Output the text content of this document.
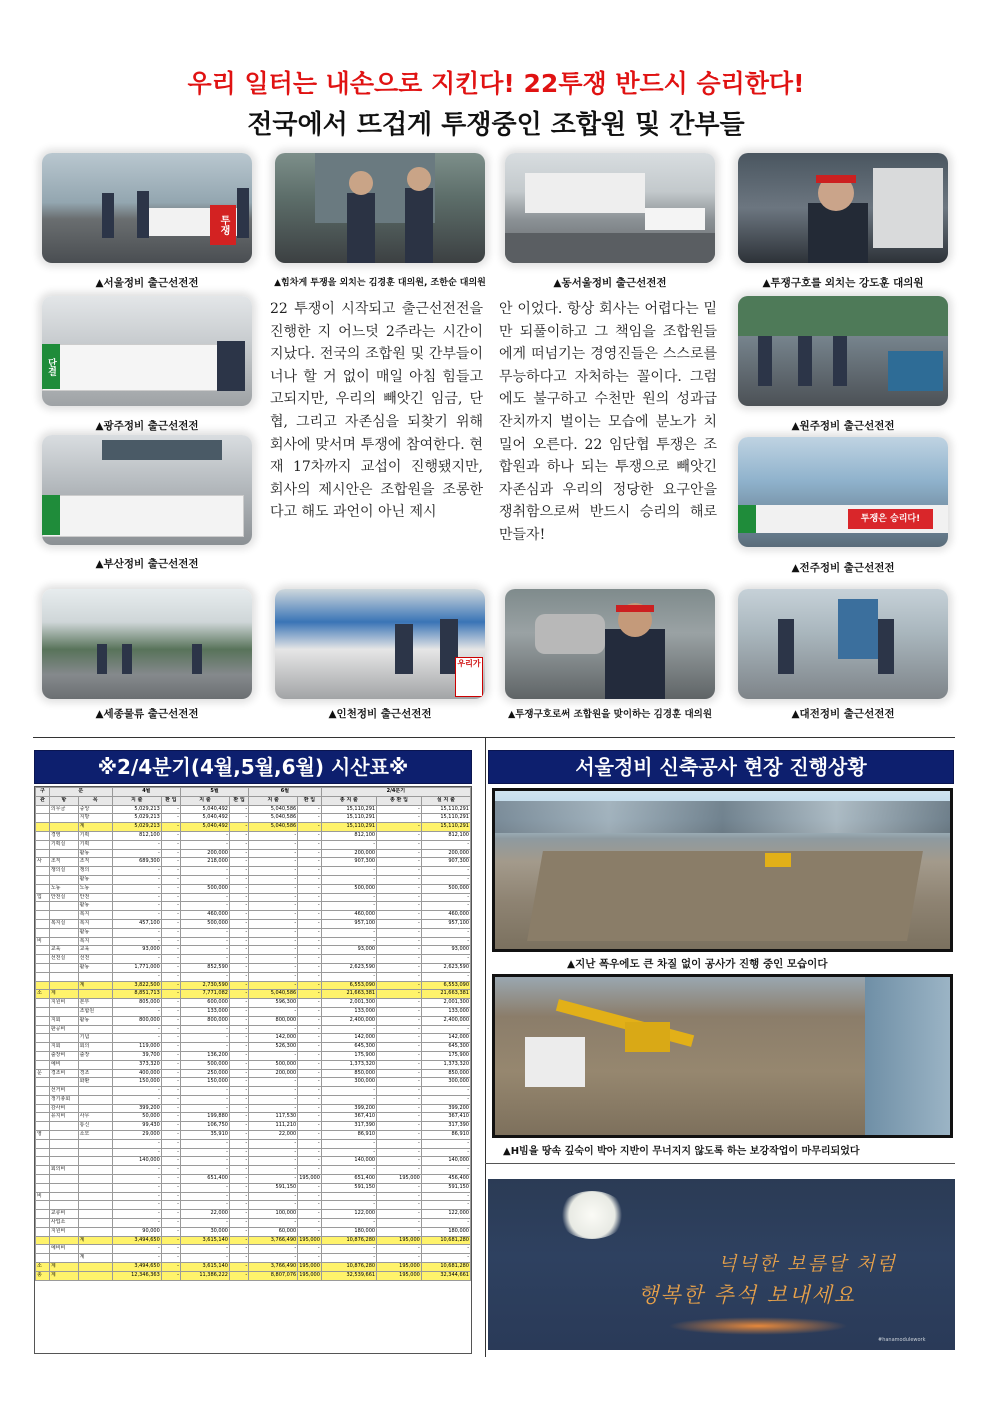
우리 일터는 내손으로 지킨다! 22투쟁 반드시 승리한다!
전국에서 뜨겁게 투쟁중인 조합원 및 간부들
투쟁
▲서울정비 출근선전전	▲힘차게 투쟁을 외치는 김경훈 대의원, 조한순 대의원	▲동서울정비 출근선전전	▲투쟁구호를 외치는 강도훈 대의원
단결
▲광주정비 출근선전전
▲부산정비 출근선전전
▲원주정비 출근선전전
투쟁은 승리다!
▲전주정비 출근선전전
▲세종물류 출근선전전
우리가
▲인천정비 출근선전전	▲투쟁구호로써 조합원을 맞이하는 김경훈 대의원	▲대전정비 출근선전전
22 투쟁이 시작되고 출근선전전을 진행한 지 어느덧 2주라는 시간이 지났다. 전국의 조합원 및 간부들이 너나 할 거 없이 매일 아침 힘들고 고되지만, 우리의 빼앗긴 임금, 단협, 그리고 자존심을 되찾기 위해 회사에 맞서며 투쟁에 참여한다. 현재 17차까지 교섭이 진행됐지만, 회사의 제시안은 조합원을 조롱한다고 해도 과언이 아닌 제시
안 이었다. 항상 회사는 어렵다는 밑만 되풀이하고 그 책임을 조합원들에게 떠넘기는 경영진들은 스스로를 무능하다고 자처하는 꼴이다. 그럼에도 불구하고 수천만 원의 성과급 잔치까지 벌이는 모습에 분노가 치밀어 오른다. 22 임단협 투쟁은 조합원과 하나 되는 투쟁으로 빼앗긴 자존심과 우리의 정당한 요구안을 쟁취함으로써 반드시 승리의 해로 만들자!
※2/4분기(4월,5월,6월) 시산표※
구	분		4월		5월		6월		2/4분기		
관	항	목	지 출	환 입	지 출	환 입	지 출	환 입	총 지 출	총 환 입	실 지 출
	의무금	중앙	5,029,213	-	5,040,492	-	5,040,586	-	15,110,291	-	15,110,291
		지방	5,029,213	-	5,040,492	-	5,040,586	-	15,110,291	-	15,110,291
		계	5,029,213	-	5,040,492	-	5,040,586	-	15,110,291	-	15,110,291
	경영	기획	812,100	-	-	-	-	-	812,100	-	812,100
	기획실	기획	-	-	-	-	-	-	-	-	-
		활동	-	-	200,000	-	-	-	200,000	-	200,000
사	조직	조직	689,300	-	218,000	-	-	-	907,300	-	907,300
	쟁의실	쟁의	-	-	-	-	-	-	-	-	-
		활동	-	-	-	-	-	-	-	-	-
	노동	노동	-	-	500,000	-	-	-	500,000	-	500,000
업	안전실	안전	-	-	-	-	-	-	-	-	-
		활동	-	-	-	-	-	-	-	-	-
		복지	-	-	460,000	-	-	-	460,000	-	460,000
	복지실	복지	457,100	-	500,000	-	-	-	957,100	-	957,100
		활동	-	-	-	-	-	-	-	-	-
비		복지	-	-	-	-	-	-	-	-	-
	교육	교육	93,000	-	-	-	-	-	93,000	-	93,000
	선전실	선전	-	-	-	-	-	-	-	-	-
		활동	1,771,000	-	852,590	-	-	-	2,623,590	-	2,623,590
			-	-	-	-	-	-	-	-	-
		계	3,822,500	-	2,730,590	-	-	-	6,553,090	-	6,553,090
소	계		8,851,713	-	7,771,082	-	5,040,586	-	21,663,381	-	21,663,381
	지원비	본부	805,000	-	600,000	-	596,300	-	2,001,300	-	2,001,300
		조합원	-	-	133,000	-	-	-	133,000	-	133,000
	지회	활동	800,000	-	800,000	-	800,000	-	2,400,000	-	2,400,000
	판공비		-	-	-	-	-	-	-	-	-
		기념	-	-	-	-	142,000	-	142,000	-	142,000
	지회	회의	119,000	-	-	-	526,300	-	645,300	-	645,300
	출장비	출장	39,700	-	136,200	-	-	-	175,900	-	175,900
	예비		373,320	-	500,000	-	500,000	-	1,373,320	-	1,373,320
운	경조비	경조	400,000	-	250,000	-	200,000	-	850,000	-	850,000
		화환	150,000	-	150,000	-	-	-	300,000	-	300,000
	선거비		-	-	-	-	-	-	-	-	-
	정기총회		-	-	-	-	-	-	-	-	-
	감사비		399,200	-	-	-	-	-	399,200	-	399,200
	유지비	사무	50,000	-	199,880	-	117,530	-	367,410	-	367,410
		통신	99,430	-	106,750	-	111,210	-	317,390	-	317,390
영		소모	29,000	-	35,910	-	22,000	-	86,910	-	86,910
			-	-	-	-	-	-	-	-	-
			-	-	-	-	-	-	-	-	-
			140,000	-	-	-	-	-	140,000	-	140,000
	회의비		-	-	-	-	-	-	-	-	-
			-	-	651,400	-	-	195,000	651,400	195,000	456,400
			-	-	-	-	591,150	-	591,150	-	591,150
비			-	-	-	-	-	-	-	-	-
			-	-	-	-	-	-	-	-	-
	교류비		-	-	22,000	-	100,000	-	122,000	-	122,000
	사업소		-	-	-	-	-	-	-	-	-
	지원비		90,000	-	30,000	-	60,000	-	180,000	-	180,000
		계	3,494,650	-	3,615,140	-	3,766,490	195,000	10,876,280	195,000	10,681,280
	예비비		-	-	-	-	-	-	-	-	-
		계	-	-	-	-	-	-	-	-	-
소	계		3,494,650	-	3,615,140	-	3,766,490	195,000	10,876,280	195,000	10,681,280
총	계		12,346,363	-	11,386,222	-	8,807,076	195,000	32,539,661	195,000	32,344,661
서울정비 신축공사 현장 진행상황
▲지난 폭우에도 큰 차질 없이 공사가 진행 중인 모습이다
▲H빔을 땅속 깊숙이 박아 지반이 무너지지 않도록 하는 보강작업이 마무리되었다
넉넉한 보름달 처럼
행복한 추석 보내세요
#hanamodulework
